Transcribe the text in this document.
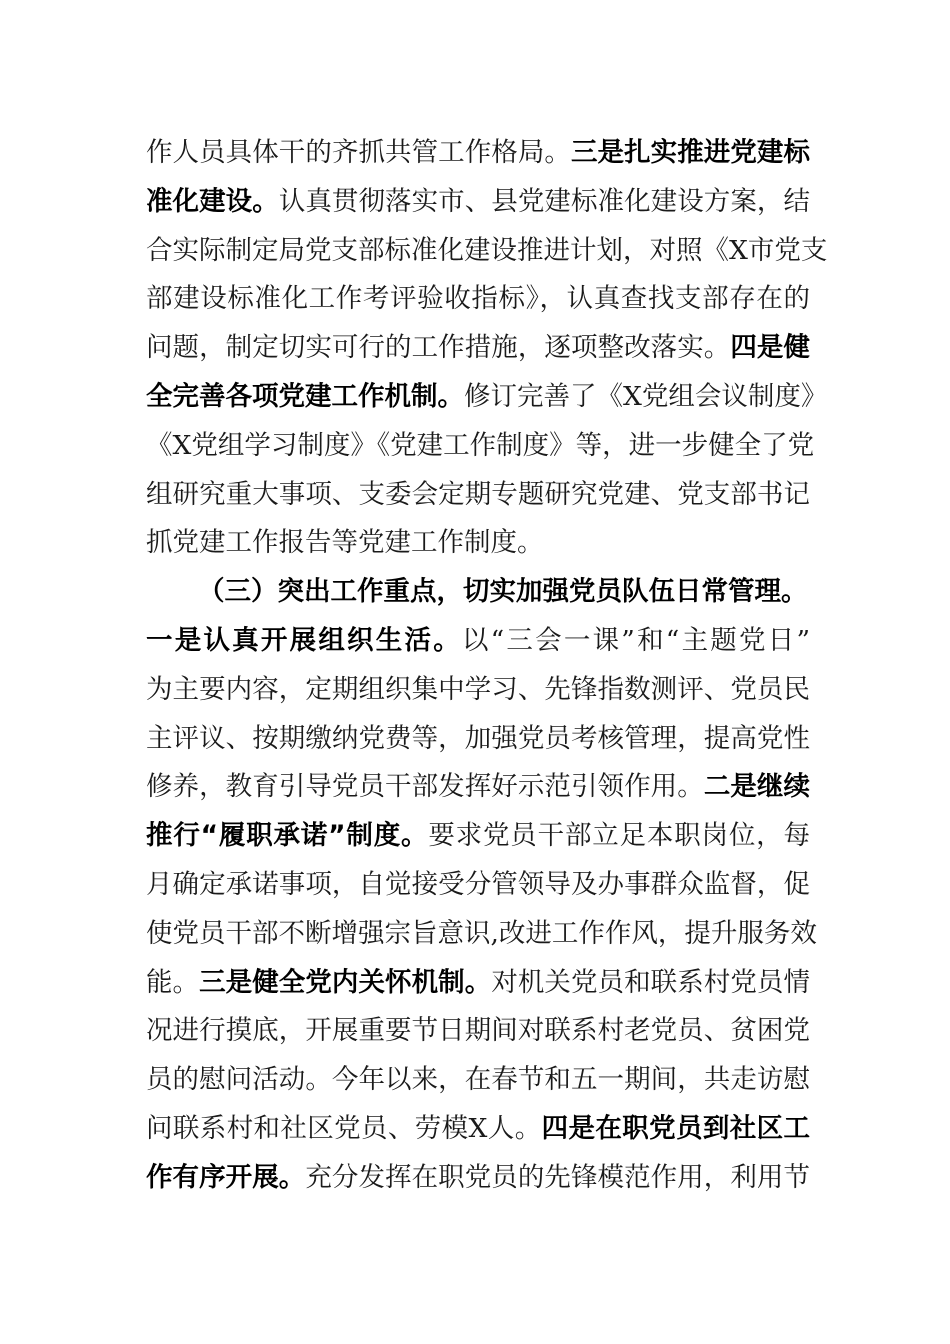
作人员具体干的齐抓共管工作格局。三是扎实推进党建标
准化建设。认真贯彻落实市、县党建标准化建设方案，结
合实际制定局党支部标准化建设推进计划，对照《X市党支
部建设标准化工作考评验收指标》，认真查找支部存在的
问题，制定切实可行的工作措施，逐项整改落实。四是健
全完善各项党建工作机制。修订完善了《X党组会议制度》
《X党组学习制度》《党建工作制度》等，进一步健全了党
组研究重大事项、支委会定期专题研究党建、党支部书记
抓党建工作报告等党建工作制度。
（三）突出工作重点，切实加强党员队伍日常管理。
一是认真开展组织生活。以“三会一课”和“主题党日”
为主要内容，定期组织集中学习、先锋指数测评、党员民
主评议、按期缴纳党费等，加强党员考核管理，提高党性
修养，教育引导党员干部发挥好示范引领作用。二是继续
推行“履职承诺”制度。要求党员干部立足本职岗位，每
月确定承诺事项，自觉接受分管领导及办事群众监督，促
使党员干部不断增强宗旨意识,改进工作作风，提升服务效
能。三是健全党内关怀机制。对机关党员和联系村党员情
况进行摸底，开展重要节日期间对联系村老党员、贫困党
员的慰问活动。今年以来，在春节和五一期间，共走访慰
问联系村和社区党员、劳模X人。四是在职党员到社区工
作有序开展。充分发挥在职党员的先锋模范作用，利用节
